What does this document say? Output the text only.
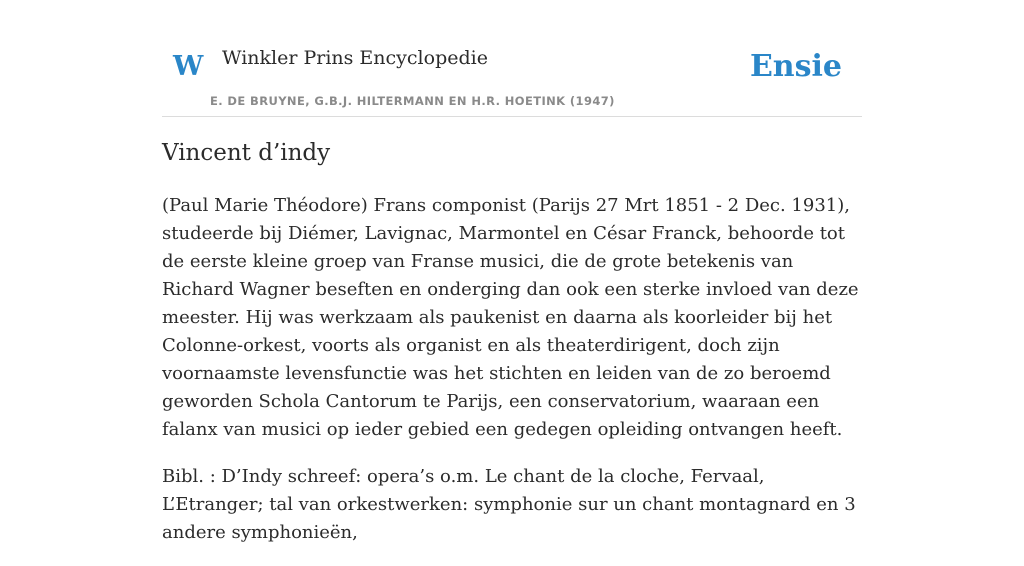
W Winkler Prins Encyclopedie
E. DE BRUYNE, G.B.J. HILTERMANN EN H.R. HOETINK (1947)
Ensie
Vincent d’indy

(Paul Marie Théodore) Frans componist (Parijs 27 Mrt 1851 - 2 Dec. 1931), studeerde bij Diémer, Lavignac, Marmontel en César Franck, behoorde tot de eerste kleine groep van Franse musici, die de grote betekenis van Richard Wagner beseften en onderging dan ook een sterke invloed van deze meester. Hij was werkzaam als paukenist en daarna als koorleider bij het Colonne-orkest, voorts als organist en als theaterdirigent, doch zijn voornaamste levensfunctie was het stichten en leiden van de zo beroemd geworden Schola Cantorum te Parijs, een conservatorium, waaraan een falanx van musici op ieder gebied een gedegen opleiding ontvangen heeft.

Bibl. : D’Indy schreef: opera’s o.m. Le chant de la cloche, Fervaal, L’Etranger; tal van orkestwerken: symphonie sur un chant montagnard en 3 andere symphonieën,
